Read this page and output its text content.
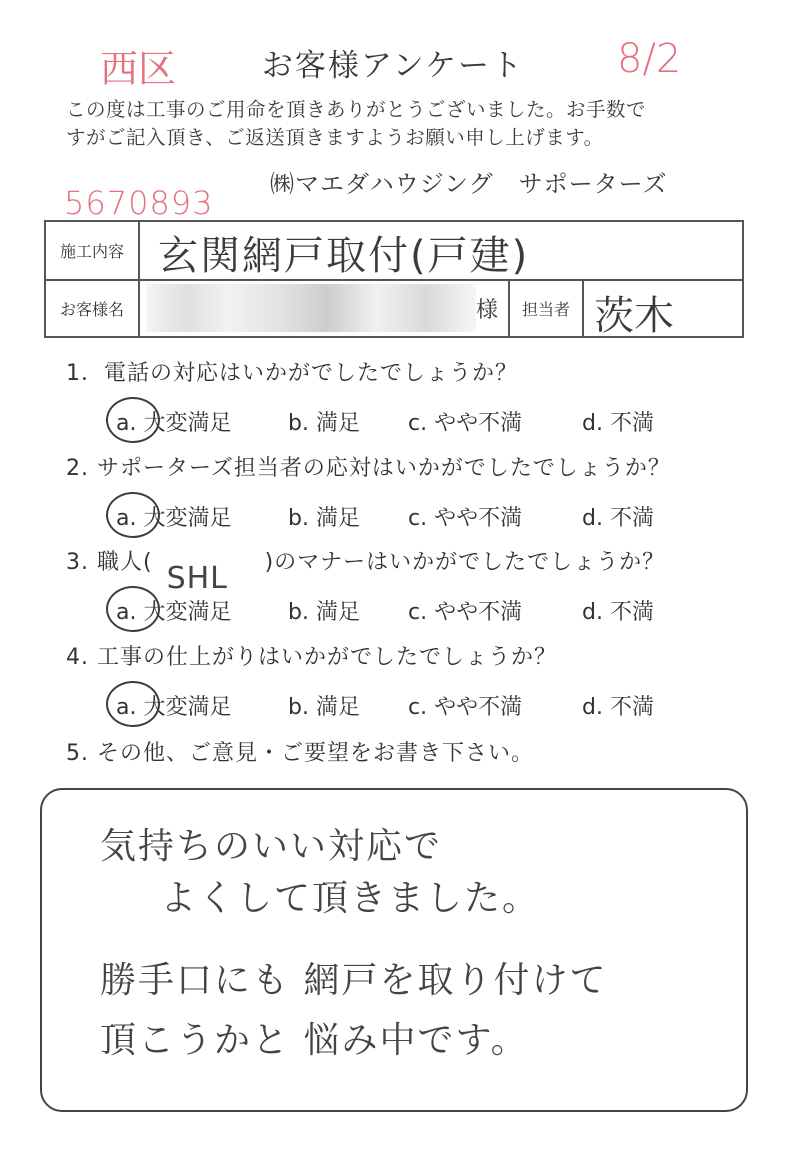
お客様アンケート
西区	8/2
この度は工事のご用命を頂きありがとうございました。お手数で
すがご記入頂き、ご返送頂きますようお願い申し上げます。
㈱マエダハウジング　サポーターズ
5670893
施工内容 玄関網戸取付(戸建)
お客様名	様	担当者 茨木
1．電話の対応はいかがでしたでしょうか？
a. 大変満足	b. 満足 c. やや不満	d. 不満
2. サポーターズ担当者の応対はいかがでしたでしょうか？
a. 大変満足	b. 満足 c. やや不満	d. 不満
3. 職人( SHL )のマナーはいかがでしたでしょうか？
a. 大変満足	b. 満足 c. やや不満	d. 不満
4. 工事の仕上がりはいかがでしたでしょうか？
a. 大変満足	b. 満足 c. やや不満	d. 不満
5. その他、ご意見・ご要望をお書き下さい。
気持ちのいい対応で
よくして頂きました。
勝手口にも 網戸を取り付けて
頂こうかと 悩み中です。
